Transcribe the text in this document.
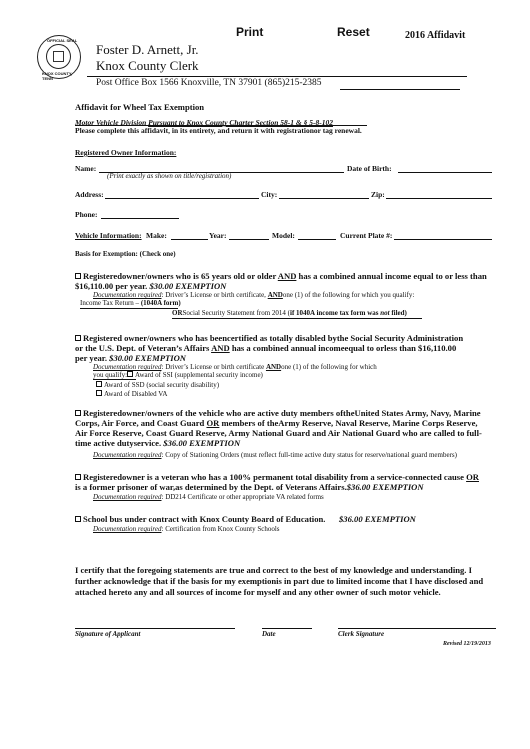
Print	Reset	2016 Affidavit
OFFICIAL SEAL
KNOX COUNTY, TENN
Foster D. Arnett, Jr.
Knox County Clerk
Post Office Box 1566 Knoxville, TN 37901 (865)215-2385
Affidavit for Wheel Tax Exemption
Motor Vehicle Division Pursuant to Knox County Charter Section 58-1 & § 5-8-102
Please complete this affidavit, in its entirety, and return it with registrationor tag renewal.
Registered Owner Information:
Name:
(Print exactly as shown on title/registration)
Date of Birth:
Address:	City:	Zip:
Phone:
Vehicle Information: Make:	Year:	Model:	Current Plate #:
Basis for Exemption: (Check one)
Registeredowner/owners who is 65 years old or older AND has a combined annual income equal to or less than
$16,110.00 per year. $30.00 EXEMPTION
Documentation required: Driver’s License or birth certificate, ANDone (1) of the following for which you qualify:
Income Tax Return – (1040A form)
ORSocial Security Statement from 2014 (if 1040A income tax form was not filed)
Registered owner/owners who has beencertified as totally disabled bythe Social Security Administration
or the U.S. Dept. of Veteran’s Affairs AND has a combined annual incomeequal to orless than $16,110.00
per year. $30.00 EXEMPTION
Documentation required: Driver’s License or birth certificate ANDone (1) of the following for which
you qualify: Award of SSI (supplemental security income)
Award of SSD (social security disability)
Award of Disabled VA
Registeredowner/owners of the vehicle who are active duty members oftheUnited States Army, Navy, Marine
Corps, Air Force, and Coast Guard OR members of theArmy Reserve, Naval Reserve, Marine Corps Reserve,
Air Force Reserve, Coast Guard Reserve, Army National Guard and Air National Guard who are called to full-
time active dutyservice. $36.00 EXEMPTION
Documentation required: Copy of Stationing Orders (must reflect full-time active duty status for reserve/national guard members)
Registeredowner is a veteran who has a 100% permanent total disability from a service-connected cause OR
is a former prisoner of war,as determined by the Dept. of Veterans Affairs.$36.00 EXEMPTION
Documentation required: DD214 Certificate or other appropriate VA related forms
School bus under contract with Knox County Board of Education. $36.00 EXEMPTION
Documentation required: Certification from Knox County Schools
I certify that the foregoing statements are true and correct to the best of my knowledge and understanding. I
further acknowledge that if the basis for my exemptionis in part due to limited income that I have disclosed and
attached hereto any and all sources of income for myself and any other owner of such motor vehicle.
Signature of Applicant	Date	Clerk Signature
Revised 12/19/2013
